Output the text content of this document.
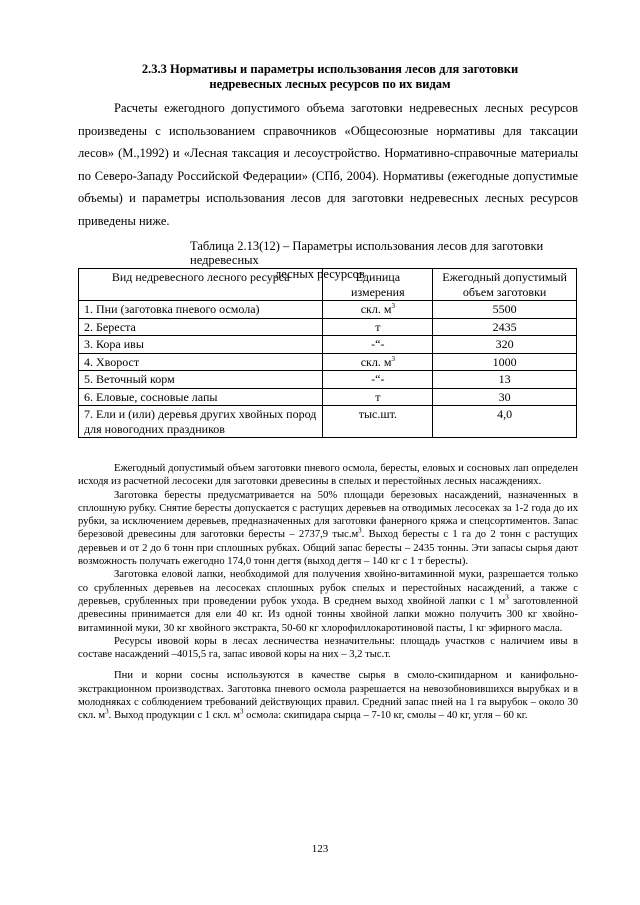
2.3.3 Нормативы и параметры использования лесов для заготовки
недревесных лесных ресурсов по их видам

Расчеты ежегодного допустимого объема заготовки недревесных лесных ресурсов произведены с использованием справочников «Общесоюзные нормативы для таксации лесов» (М.,1992) и «Лесная таксация и лесоустройство. Нормативно-справочные материалы по Северо-Западу Российской Федерации» (СПб, 2004). Нормативы (ежегодные допустимые объемы) и параметры использования лесов для заготовки недревесных лесных ресурсов приведены ниже.

Таблица 2.13(12) – Параметры использования лесов для заготовки недревесных
лесных ресурсов
Вид недревесного лесного ресурса	Единица измерения	Ежегодный допустимый объем заготовки
1. Пни (заготовка пневого осмола)	скл. $м^3$	5500
2. Береста	т	2435
3. Кора ивы	-“-	320
4. Хворост	скл. $м^3$	1000
5. Веточный корм	-“-	13
6. Еловые, сосновые лапы	т	30
7. Ели и (или) деревья других хвойных пород для новогодних праздников	тыс.шт.	4,0

Ежегодный допустимый объем заготовки пневого осмола, бересты, еловых и сосновых лап определен исходя из расчетной лесосеки для заготовки древесины в спелых и перестойных лесных насаждениях.

Заготовка бересты предусматривается на 50% площади березовых насаждений, назначенных в сплошную рубку. Снятие бересты допускается с растущих деревьев на отводимых лесосеках за 1-2 года до их рубки, за исключением деревьев, предназначенных для заготовки фанерного кряжа и спецсортиментов. Запас березовой древесины для заготовки бересты – 2737,9 $тыс.м^3$. Выход бересты с 1 га до 2 тонн с растущих деревьев и от 2 до 6 тонн при сплошных рубках. Общий запас бересты – 2435 тонны. Эти запасы сырья дают возможность получать ежегодно 174,0 тонн дегтя (выход дегтя – 140 кг с 1 т бересты).

Заготовка еловой лапки, необходимой для получения хвойно-витаминной муки, разрешается только со срубленных деревьев на лесосеках сплошных рубок спелых и перестойных насаждений, а также с деревьев, срубленных при проведении рубок ухода. В среднем выход хвойной лапки с 1 $м^3$ заготовленной древесины принимается для ели 40 кг. Из одной тонны хвойной лапки можно получить 300 кг хвойно-витаминной муки, 30 кг хвойного экстракта, 50-60 кг хлорофиллокаротиновой пасты, 1 кг эфирного масла.

Ресурсы ивовой коры в лесах лесничества незначительны: площадь участков с наличием ивы в составе насаждений –4015,5 га, запас ивовой коры на них – 3,2 тыс.т.

Пни и корни сосны используются в качестве сырья в смоло-скипидарном и канифольно-экстракционном производствах. Заготовка пневого осмола разрешается на невозобновившихся вырубках и в молодняках с соблюдением требований действующих правил. Средний запас пней на 1 га вырубок – около 30 скл. $м^3$. Выход продукции с 1 скл. $м^3$ осмола: скипидара сырца – 7-10 кг, смолы – 40 кг, угля – 60 кг.

123
